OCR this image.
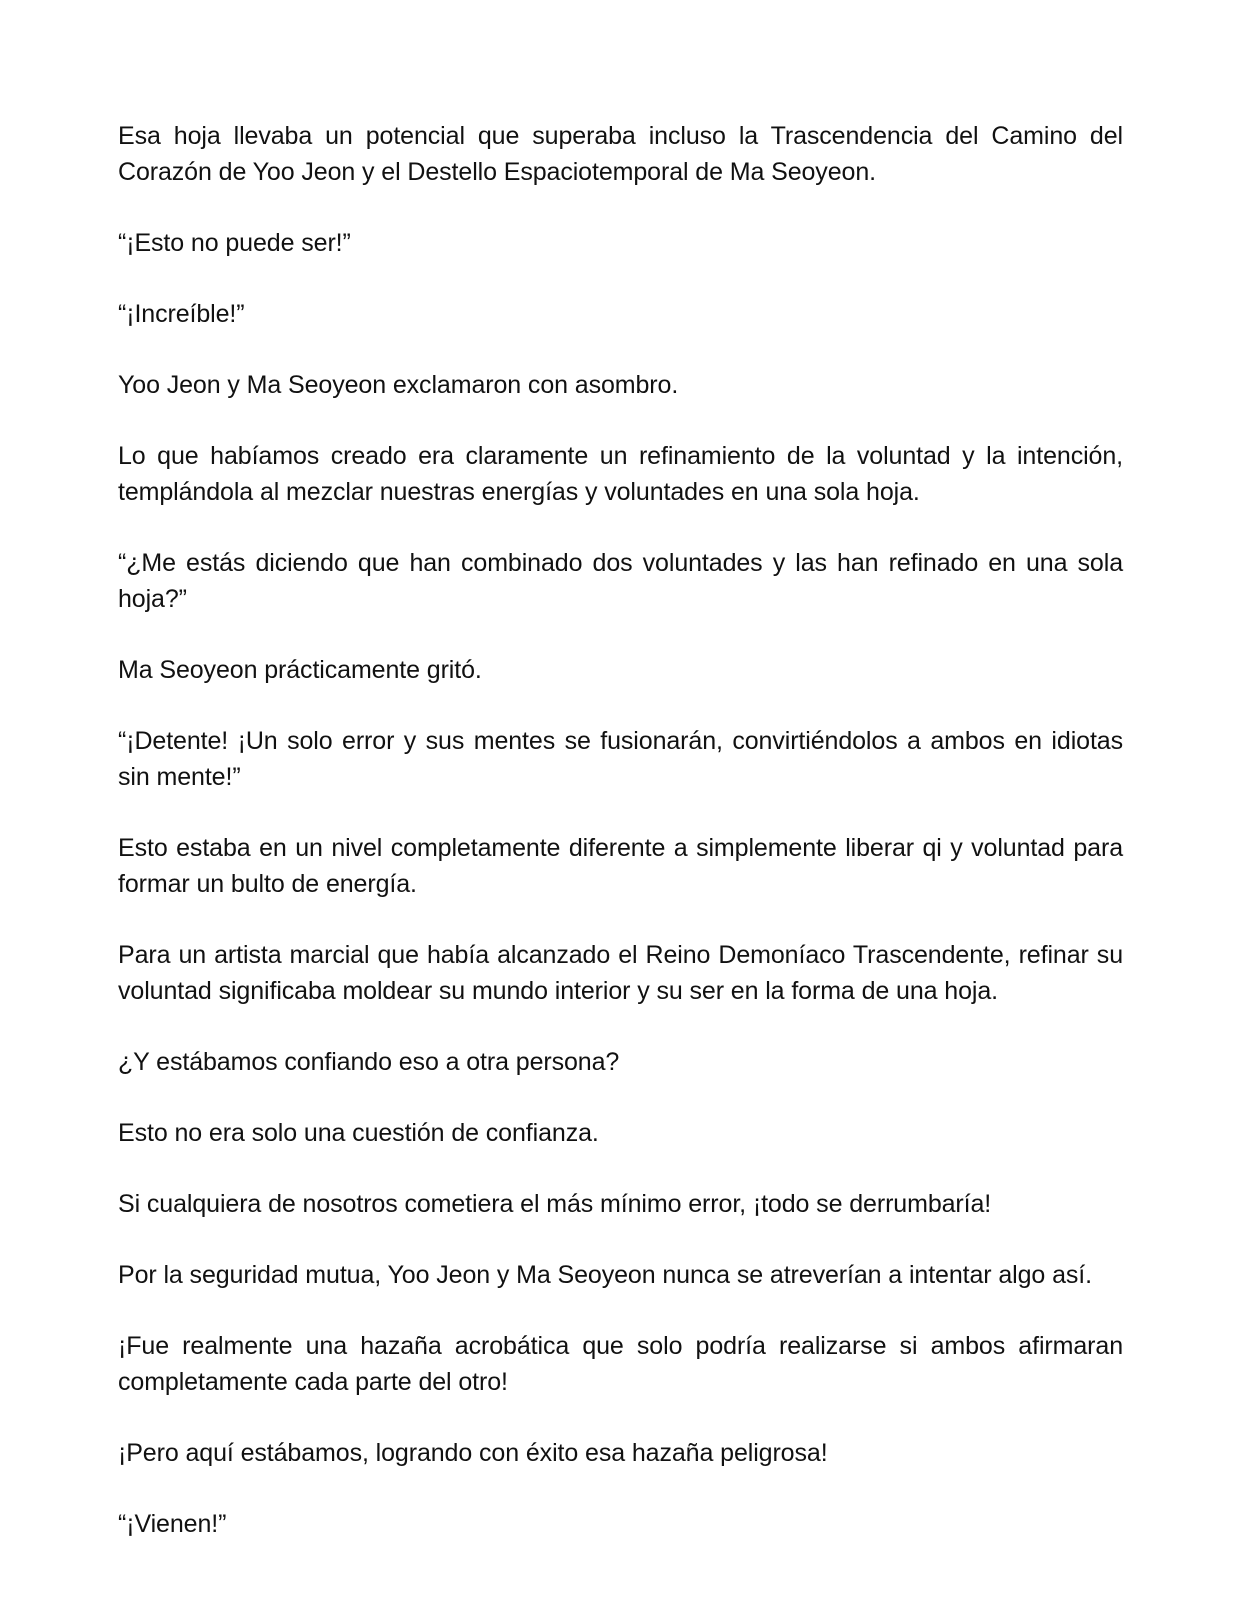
Esa hoja llevaba un potencial que superaba incluso la Trascendencia del Camino del Corazón de Yoo Jeon y el Destello Espaciotemporal de Ma Seoyeon.

“¡Esto no puede ser!”

“¡Increíble!”

Yoo Jeon y Ma Seoyeon exclamaron con asombro.

Lo que habíamos creado era claramente un refinamiento de la voluntad y la intención, templándola al mezclar nuestras energías y voluntades en una sola hoja.

“¿Me estás diciendo que han combinado dos voluntades y las han refinado en una sola hoja?”

Ma Seoyeon prácticamente gritó.

“¡Detente! ¡Un solo error y sus mentes se fusionarán, convirtiéndolos a ambos en idiotas sin mente!”

Esto estaba en un nivel completamente diferente a simplemente liberar qi y voluntad para formar un bulto de energía.

Para un artista marcial que había alcanzado el Reino Demoníaco Trascendente, refinar su voluntad significaba moldear su mundo interior y su ser en la forma de una hoja.

¿Y estábamos confiando eso a otra persona?

Esto no era solo una cuestión de confianza.

Si cualquiera de nosotros cometiera el más mínimo error, ¡todo se derrumbaría!

Por la seguridad mutua, Yoo Jeon y Ma Seoyeon nunca se atreverían a intentar algo así.

¡Fue realmente una hazaña acrobática que solo podría realizarse si ambos afirmaran completamente cada parte del otro!

¡Pero aquí estábamos, logrando con éxito esa hazaña peligrosa!

“¡Vienen!”
